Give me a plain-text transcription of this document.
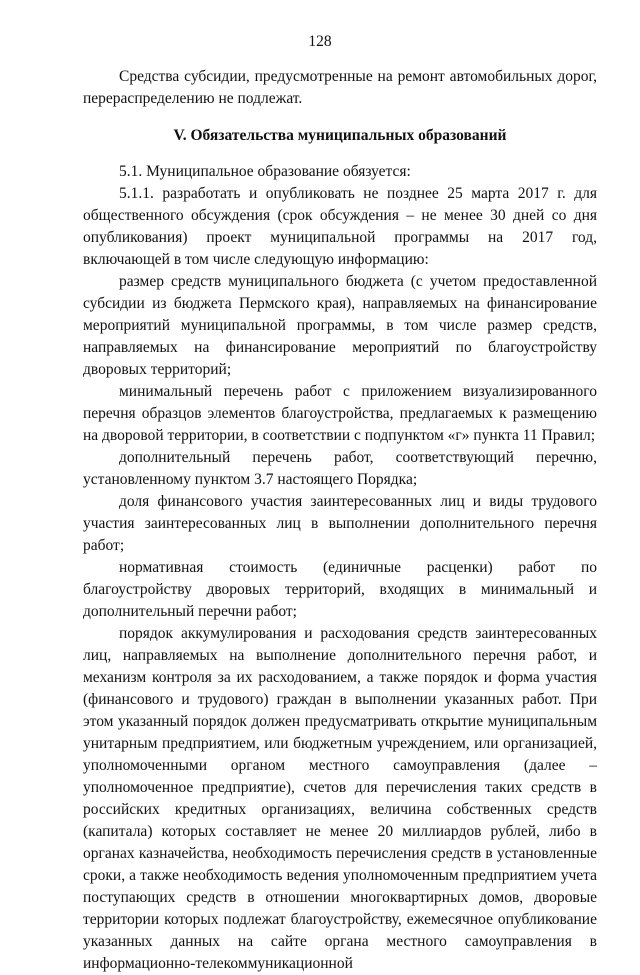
128

Средства субсидии, предусмотренные на ремонт автомобильных дорог, перераспределению не подлежат.

V. Обязательства муниципальных образований

5.1. Муниципальное образование обязуется:

5.1.1. разработать и опубликовать не позднее 25 марта 2017 г. для общественного обсуждения (срок обсуждения – не менее 30 дней со дня опубликования) проект муниципальной программы на 2017 год, включающей в том числе следующую информацию:

размер средств муниципального бюджета (с учетом предоставленной субсидии из бюджета Пермского края), направляемых на финансирование мероприятий муниципальной программы, в том числе размер средств, направляемых на финансирование мероприятий по благоустройству дворовых территорий;

минимальный перечень работ с приложением визуализированного перечня образцов элементов благоустройства, предлагаемых к размещению на дворовой территории, в соответствии с подпунктом «г» пункта 11 Правил;

дополнительный перечень работ, соответствующий перечню, установленному пунктом 3.7 настоящего Порядка;

доля финансового участия заинтересованных лиц и виды трудового участия заинтересованных лиц в выполнении дополнительного перечня работ;

нормативная стоимость (единичные расценки) работ по благоустройству дворовых территорий, входящих в минимальный и дополнительный перечни работ;

порядок аккумулирования и расходования средств заинтересованных лиц, направляемых на выполнение дополнительного перечня работ, и механизм контроля за их расходованием, а также порядок и форма участия (финансового и трудового) граждан в выполнении указанных работ. При этом указанный порядок должен предусматривать открытие муниципальным унитарным предприятием, или бюджетным учреждением, или организацией, уполномоченными органом местного самоуправления (далее – уполномоченное предприятие), счетов для перечисления таких средств в российских кредитных организациях, величина собственных средств (капитала) которых составляет не менее 20 миллиардов рублей, либо в органах казначейства, необходимость перечисления средств в установленные сроки, а также необходимость ведения уполномоченным предприятием учета поступающих средств в отношении многоквартирных домов, дворовые территории которых подлежат благоустройству, ежемесячное опубликование указанных данных на сайте органа местного самоуправления в информационно-телекоммуникационной
